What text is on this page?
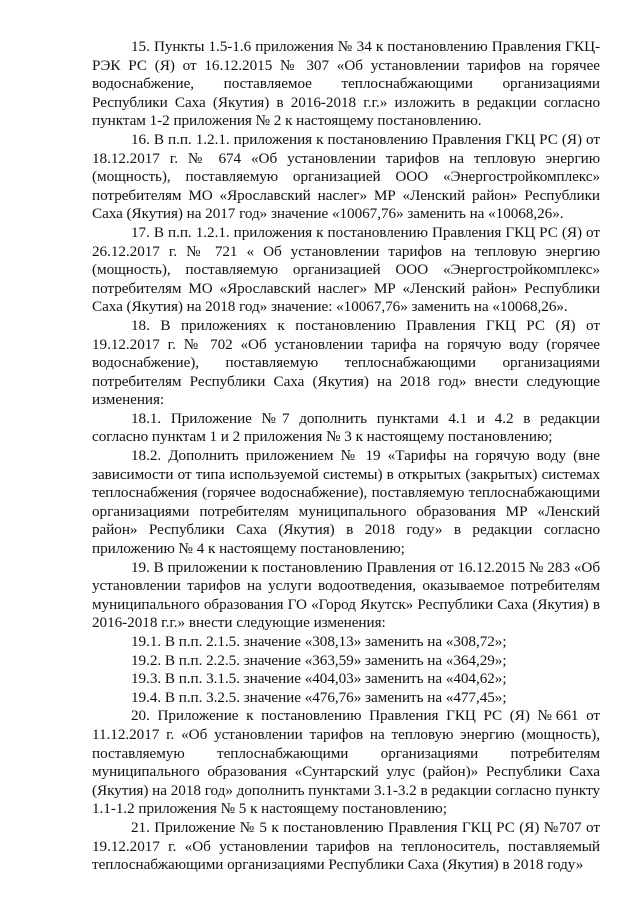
15. Пункты 1.5-1.6 приложения № 34 к постановлению Правления ГКЦ-РЭК РС (Я) от 16.12.2015 № 307 «Об установлении тарифов на горячее водоснабжение, поставляемое теплоснабжающими организациями Республики Саха (Якутия) в 2016-2018 г.г.» изложить в редакции согласно пунктам 1-2 приложения № 2 к настоящему постановлению.

16. В п.п. 1.2.1. приложения к постановлению Правления ГКЦ РС (Я) от 18.12.2017 г. № 674 «Об установлении тарифов на тепловую энергию (мощность), поставляемую организацией ООО «Энергостройкомплекс» потребителям МО «Ярославский наслег» МР «Ленский район» Республики Саха (Якутия) на 2017 год» значение «10067,76» заменить на «10068,26».

17. В п.п. 1.2.1. приложения к постановлению Правления ГКЦ РС (Я) от 26.12.2017 г. № 721 « Об установлении тарифов на тепловую энергию (мощность), поставляемую организацией ООО «Энергостройкомплекс» потребителям МО «Ярославский наслег» МР «Ленский район» Республики Саха (Якутия) на 2018 год» значение: «10067,76» заменить на «10068,26».

18. В приложениях к постановлению Правления ГКЦ РС (Я) от 19.12.2017 г. № 702 «Об установлении тарифа на горячую воду (горячее водоснабжение), поставляемую теплоснабжающими организациями потребителям Республики Саха (Якутия) на 2018 год» внести следующие изменения:

18.1. Приложение №7 дополнить пунктами 4.1 и 4.2 в редакции согласно пунктам 1 и 2 приложения № 3 к настоящему постановлению;

18.2. Дополнить приложением № 19 «Тарифы на горячую воду (вне зависимости от типа используемой системы) в открытых (закрытых) системах теплоснабжения (горячее водоснабжение), поставляемую теплоснабжающими организациями потребителям муниципального образования МР «Ленский район» Республики Саха (Якутия) в 2018 году» в редакции согласно приложению № 4 к настоящему постановлению;

19. В приложении к постановлению Правления от 16.12.2015 № 283 «Об установлении тарифов на услуги водоотведения, оказываемое потребителям муниципального образования ГО «Город Якутск» Республики Саха (Якутия) в 2016-2018 г.г.» внести следующие изменения:

19.1. В п.п. 2.1.5. значение «308,13» заменить на «308,72»;

19.2. В п.п. 2.2.5. значение «363,59» заменить на «364,29»;

19.3. В п.п. 3.1.5. значение «404,03» заменить на «404,62»;

19.4. В п.п. 3.2.5. значение «476,76» заменить на «477,45»;

20. Приложение к постановлению Правления ГКЦ РС (Я) №661 от 11.12.2017 г. «Об установлении тарифов на тепловую энергию (мощность), поставляемую теплоснабжающими организациями потребителям муниципального образования «Сунтарский улус (район)» Республики Саха (Якутия) на 2018 год» дополнить пунктами 3.1-3.2 в редакции согласно пункту 1.1-1.2 приложения № 5 к настоящему постановлению;

21. Приложение № 5 к постановлению Правления ГКЦ РС (Я) №707 от 19.12.2017 г. «Об установлении тарифов на теплоноситель, поставляемый теплоснабжающими организациями Республики Саха (Якутия) в 2018 году»
